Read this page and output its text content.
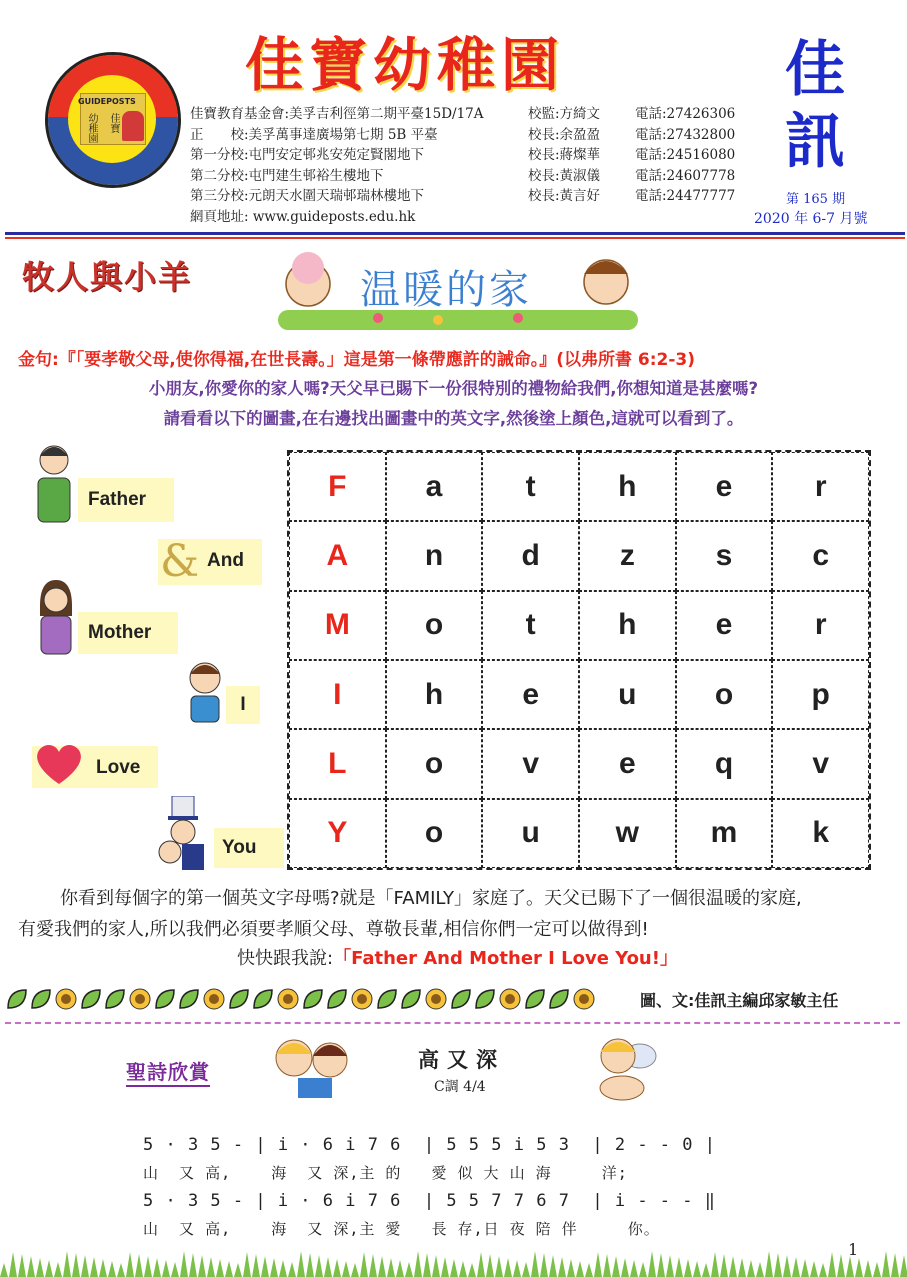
GUIDEPOSTS
幼稚園 佳寶
佳寶幼稚園	佳訊
佳寶教育基金會:美孚吉利徑第二期平臺15D/17A	校監:方綺文	電話:27426306
正　　校:美孚萬事達廣場第七期 5B 平臺	校長:余盈盈	電話:27432800
第一分校:屯門安定邨兆安苑定賢閣地下	校長:蔣燦華	電話:24516080
第二分校:屯門建生邨裕生樓地下	校長:黃淑儀	電話:24607778
第三分校:元朗天水圍天瑞邨瑞林樓地下	校長:黃言好	電話:24477777
網頁地址: www.guideposts.edu.hk
第 165 期
2020 年 6-7 月號
牧人與小羊	温暖的家
金句:『「要孝敬父母,使你得福,在世長壽。」這是第一條帶應許的誡命。』(以弗所書 6:2-3)
小朋友,你愛你的家人嗎?天父早已賜下一份很特別的禮物給我們,你想知道是甚麼嗎?
請看看以下的圖畫,在右邊找出圖畫中的英文字,然後塗上顏色,這就可以看到了。
Father
& And
Mother
I
Love
You
F	a	t	h	e	r
A	n	d	z	s	c
M	o	t	h	e	r
I	h	e	u	o	p
L	o	v	e	q	v
Y	o	u	w	m	k
你看到每個字的第一個英文字母嗎?就是「FAMILY」家庭了。天父已賜下了一個很温暖的家庭,
有愛我們的家人,所以我們必須要孝順父母、尊敬長輩,相信你們一定可以做得到!
快快跟我說:「Father And Mother I Love You!」
圖、文:佳訊主編邱家敏主任
聖詩欣賞	高又深
C調 4/4
5 · 3 5 - | i · 6 i 7 6  | 5 5 5 i 5 3  | 2 - - 0 |
山  又 高,    海  又 深,主 的   愛 似 大 山 海     洋;
5 · 3 5 - | i · 6 i 7 6  | 5 5 7 7 6 7  | i - - - ‖
山  又 高,    海  又 深,主 愛   長 存,日 夜 陪 伴     你。
1
